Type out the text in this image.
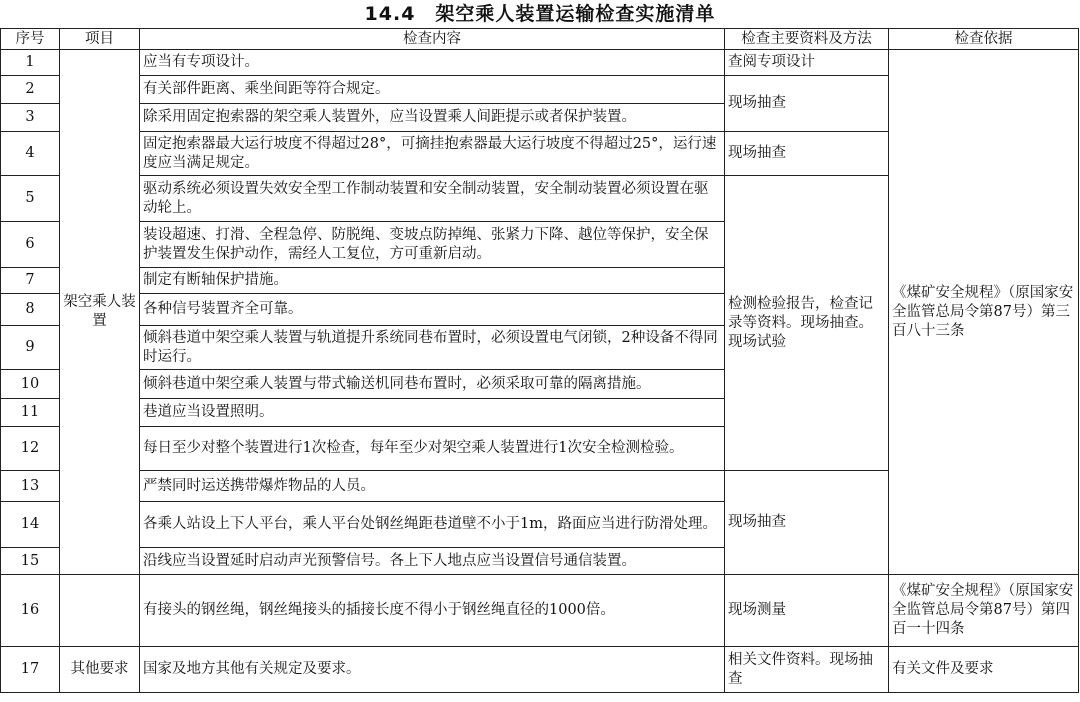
14.4　架空乘人装置运输检查实施清单
序号	项目	检查内容	检查主要资料及方法	检查依据
1	架空乘人装置	应当有专项设计。	查阅专项设计	《煤矿安全规程》（原国家安全监管总局令第87号）第三百八十三条
2		有关部件距离、乘坐间距等符合规定。	现场抽查	
3		除采用固定抱索器的架空乘人装置外，应当设置乘人间距提示或者保护装置。		
4		固定抱索器最大运行坡度不得超过28°，可摘挂抱索器最大运行坡度不得超过25°，运行速度应当满足规定。	现场抽查	
5		驱动系统必须设置失效安全型工作制动装置和安全制动装置，安全制动装置必须设置在驱动轮上。	检测检验报告，检查记录等资料。现场抽查。现场试验	
6		装设超速、打滑、全程急停、防脱绳、变坡点防掉绳、张紧力下降、越位等保护，安全保护装置发生保护动作，需经人工复位，方可重新启动。		
7		制定有断轴保护措施。		
8		各种信号装置齐全可靠。		
9		倾斜巷道中架空乘人装置与轨道提升系统同巷布置时，必须设置电气闭锁，2种设备不得同时运行。		
10		倾斜巷道中架空乘人装置与带式输送机同巷布置时，必须采取可靠的隔离措施。		
11		巷道应当设置照明。		
12		每日至少对整个装置进行1次检查，每年至少对架空乘人装置进行1次安全检测检验。		
13		严禁同时运送携带爆炸物品的人员。	现场抽查	
14		各乘人站设上下人平台，乘人平台处钢丝绳距巷道壁不小于1m，路面应当进行防滑处理。		
15		沿线应当设置延时启动声光预警信号。各上下人地点应当设置信号通信装置。		
16		有接头的钢丝绳，钢丝绳接头的插接长度不得小于钢丝绳直径的1000倍。	现场测量	《煤矿安全规程》（原国家安全监管总局令第87号）第四百一十四条
17	其他要求	国家及地方其他有关规定及要求。	相关文件资料。现场抽查	有关文件及要求
